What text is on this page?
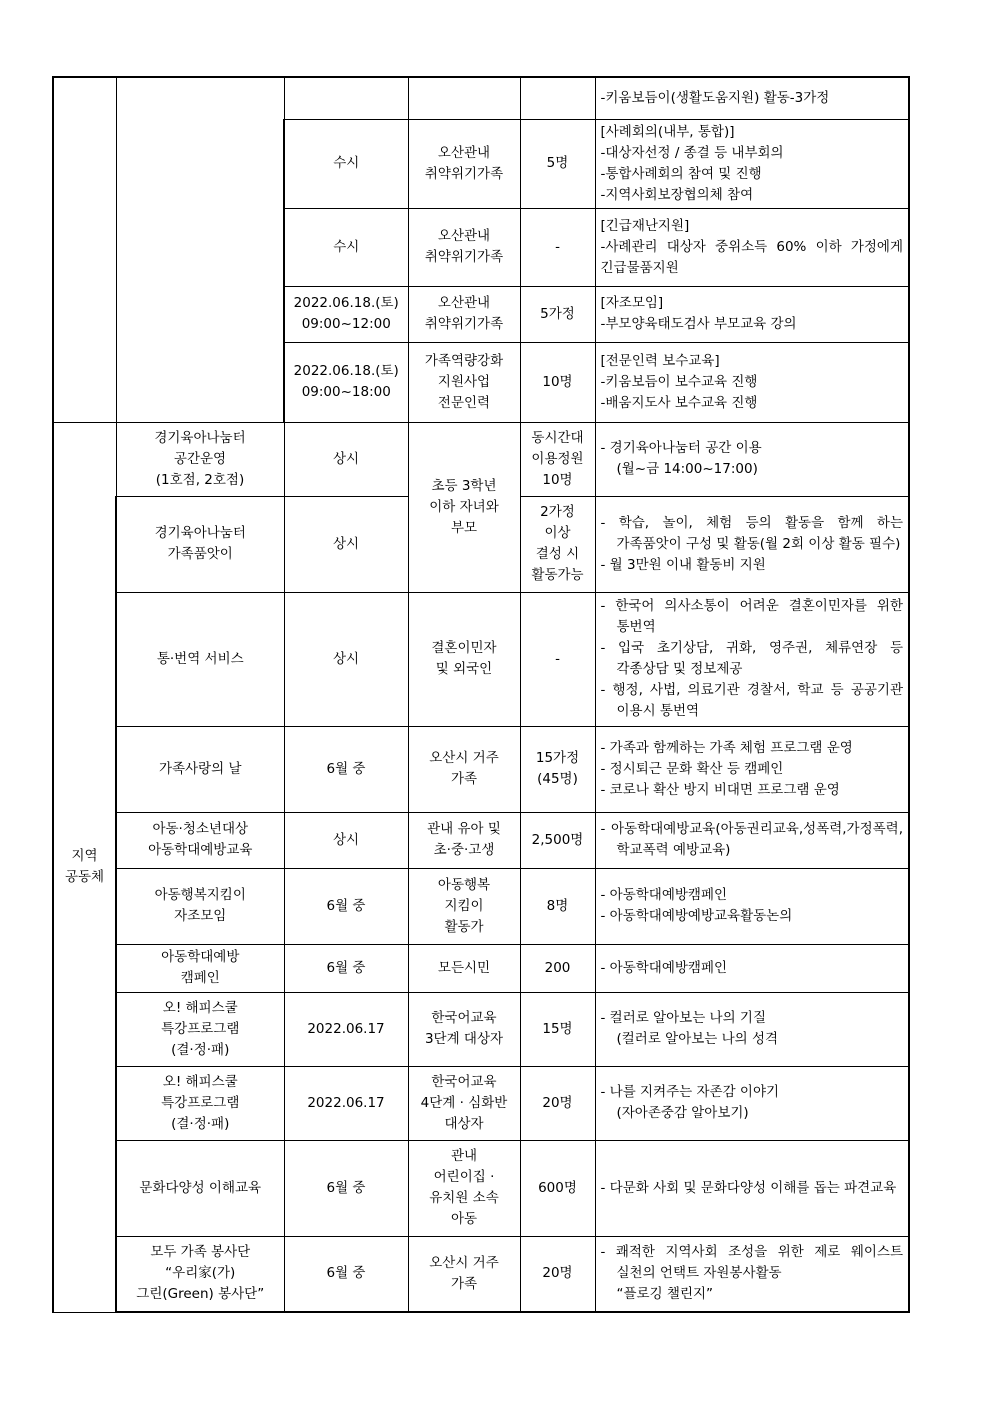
					-키움보듬이(생활도움지원) 활동-3가정

		수시	오산관내
취약위기가족	5명	[사례회의(내부, 통합)]
-대상자선정 / 종결 등 내부회의
-통합사례회의 참여 및 진행
-지역사회보장협의체 참여

		수시	오산관내
취약위기가족	-	[긴급재난지원]
-사례관리 대상자 중위소득 60% 이하 가정에게 긴급물품지원

		2022.06.18.(토)
09:00~12:00	오산관내
취약위기가족	5가정	[자조모임]
-부모양육태도검사 부모교육 강의

		2022.06.18.(토)
09:00~18:00	가족역량강화
지원사업
전문인력	10명	[전문인력 보수교육]
-키움보듬이 보수교육 진행
-배움지도사 보수교육 진행

지역
공동체	경기육아나눔터
공간운영
(1호점, 2호점)	상시	초등 3학년
이하 자녀와
부모	동시간대
이용정원
10명	- 경기육아나눔터 공간 이용
(월~금 14:00~17:00)

	경기육아나눔터
가족품앗이	상시		2가정
이상
결성 시
활동가능	- 학습, 놀이, 체험 등의 활동을 함께 하는 가족품앗이 구성 및 활동(월 2회 이상 활동 필수)
- 월 3만원 이내 활동비 지원

	통·번역 서비스	상시	결혼이민자
및 외국인	-	- 한국어 의사소통이 어려운 결혼이민자를 위한 통번역
- 입국 초기상담, 귀화, 영주권, 체류연장 등 각종상담 및 정보제공
- 행정, 사법, 의료기관 경찰서, 학교 등 공공기관 이용시 통번역

	가족사랑의 날	6월 중	오산시 거주
가족	15가정
(45명)	- 가족과 함께하는 가족 체험 프로그램 운영
- 정시퇴근 문화 확산 등 캠페인
- 코로나 확산 방지 비대면 프로그램 운영

	아동·청소년대상
아동학대예방교육	상시	관내 유아 및
초·중·고생	2,500명	- 아동학대예방교육(아동권리교육,성폭력,가정폭력,학교폭력 예방교육)

	아동행복지킴이
자조모임	6월 중	아동행복
지킴이
활동가	8명	- 아동학대예방캠페인
- 아동학대예방예방교육활동논의

	아동학대예방
캠페인	6월 중	모든시민	200	- 아동학대예방캠페인

	오! 해피스쿨
특강프로그램
(결·정·패)	2022.06.17	한국어교육
3단계 대상자	15명	- 컬러로 알아보는 나의 기질
(컬러로 알아보는 나의 성격

	오! 해피스쿨
특강프로그램
(결·정·패)	2022.06.17	한국어교육
4단계 · 심화반
대상자	20명	- 나를 지켜주는 자존감 이야기
(자아존중감 알아보기)

	문화다양성 이해교육	6월 중	관내
어린이집 ·
유치원 소속
아동	600명	- 다문화 사회 및 문화다양성 이해를 돕는 파견교육

	모두 가족 봉사단
“우리家(가)
그린(Green) 봉사단”	6월 중	오산시 거주
가족	20명	- 쾌적한 지역사회 조성을 위한 제로 웨이스트 실천의 언택트 자원봉사활동
“플로깅 챌린지”
